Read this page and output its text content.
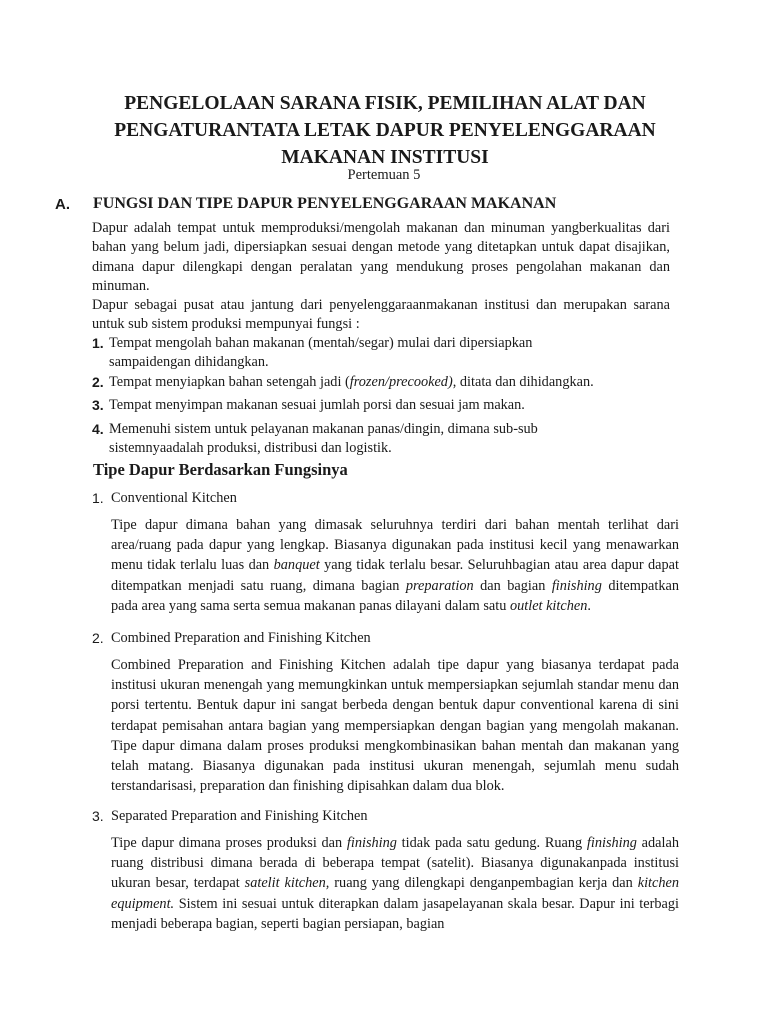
PENGELOLAAN SARANA FISIK, PEMILIHAN ALAT DAN
PENGATURANTATA LETAK DAPUR PENYELENGGARAAN
MAKANAN INSTITUSI
Pertemuan 5
A. FUNGSI DAN TIPE DAPUR PENYELENGGARAAN MAKANAN
Dapur adalah tempat untuk memproduksi/mengolah makanan dan minuman yangberkualitas dari bahan yang belum jadi, dipersiapkan sesuai dengan metode yang ditetapkan untuk dapat disajikan, dimana dapur dilengkapi dengan peralatan yang mendukung proses pengolahan makanan dan minuman.
Dapur sebagai pusat atau jantung dari penyelenggaraanmakanan institusi dan merupakan sarana untuk sub sistem produksi mempunyai fungsi :
1. Tempat mengolah bahan makanan (mentah/segar) mulai dari dipersiapkan sampaidengan dihidangkan.
2. Tempat menyiapkan bahan setengah jadi (frozen/precooked), ditata dan dihidangkan.
3. Tempat menyimpan makanan sesuai jumlah porsi dan sesuai jam makan.
4. Memenuhi sistem untuk pelayanan makanan panas/dingin, dimana sub-sub sistemnyaadalah produksi, distribusi dan logistik.
Tipe Dapur Berdasarkan Fungsinya
1. Conventional Kitchen
Tipe dapur dimana bahan yang dimasak seluruhnya terdiri dari bahan mentah terlihat dari area/ruang pada dapur yang lengkap. Biasanya digunakan pada institusi kecil yang menawarkan menu tidak terlalu luas dan banquet yang tidak terlalu besar. Seluruhbagian atau area dapur dapat ditempatkan menjadi satu ruang, dimana bagian preparation dan bagian finishing ditempatkan pada area yang sama serta semua makanan panas dilayani dalam satu outlet kitchen.
2. Combined Preparation and Finishing Kitchen
Combined Preparation and Finishing Kitchen adalah tipe dapur yang biasanya terdapat pada institusi ukuran menengah yang memungkinkan untuk mempersiapkan sejumlah standar menu dan porsi tertentu. Bentuk dapur ini sangat berbeda dengan bentuk dapur conventional karena di sini terdapat pemisahan antara bagian yang mempersiapkan dengan bagian yang mengolah makanan. Tipe dapur dimana dalam proses produksi mengkombinasikan bahan mentah dan makanan yang telah matang. Biasanya digunakan pada institusi ukuran menengah, sejumlah menu sudah terstandarisasi, preparation dan finishing dipisahkan dalam dua blok.
3. Separated Preparation and Finishing Kitchen
Tipe dapur dimana proses produksi dan finishing tidak pada satu gedung. Ruang finishing adalah ruang distribusi dimana berada di beberapa tempat (satelit). Biasanya digunakanpada institusi ukuran besar, terdapat satelit kitchen, ruang yang dilengkapi denganpembagian kerja dan kitchen equipment. Sistem ini sesuai untuk diterapkan dalam jasapelayanan skala besar. Dapur ini terbagi menjadi beberapa bagian, seperti bagian persiapan, bagian
